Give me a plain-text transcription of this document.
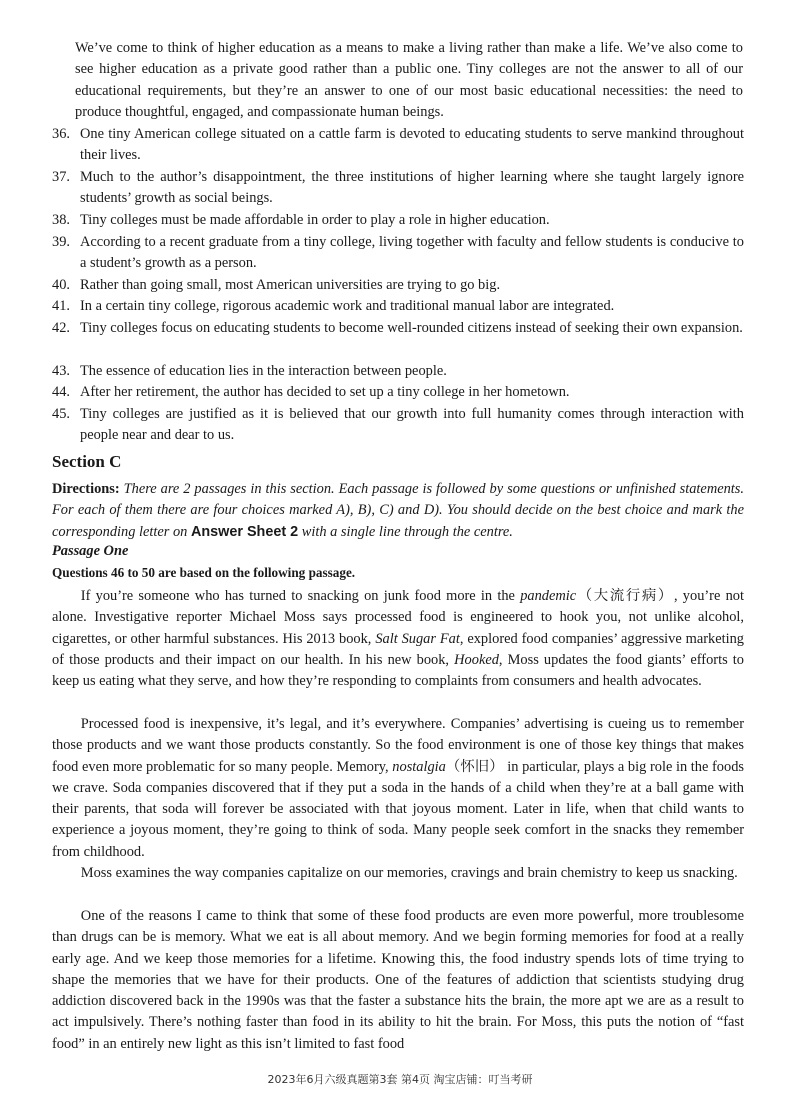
We’ve come to think of higher education as a means to make a living rather than make a life. We’ve also come to see higher education as a private good rather than a public one. Tiny colleges are not the answer to all of our educational requirements, but they’re an answer to one of our most basic educational necessities: the need to produce thoughtful, engaged, and compassionate human beings.

36. One tiny American college situated on a cattle farm is devoted to educating students to serve mankind throughout their lives.
37. Much to the author’s disappointment, the three institutions of higher learning where she taught largely ignore students’ growth as social beings.
38. Tiny colleges must be made affordable in order to play a role in higher education.
39. According to a recent graduate from a tiny college, living together with faculty and fellow students is conducive to a student’s growth as a person.
40. Rather than going small, most American universities are trying to go big.
41. In a certain tiny college, rigorous academic work and traditional manual labor are integrated.
42. Tiny colleges focus on educating students to become well-rounded citizens instead of seeking their own expansion.
43. The essence of education lies in the interaction between people.
44. After her retirement, the author has decided to set up a tiny college in her hometown.
45. Tiny colleges are justified as it is believed that our growth into full humanity comes through interaction with people near and dear to us.

Section C

Directions: There are 2 passages in this section. Each passage is followed by some questions or unfinished statements. For each of them there are four choices marked A), B), C) and D). You should decide on the best choice and mark the corresponding letter on Answer Sheet 2 with a single line through the centre.

Passage One

Questions 46 to 50 are based on the following passage.

If you’re someone who has turned to snacking on junk food more in the pandemic（大流行病）, you’re not alone. Investigative reporter Michael Moss says processed food is engineered to hook you, not unlike alcohol, cigarettes, or other harmful substances. His 2013 book, Salt Sugar Fat, explored food companies’ aggressive marketing of those products and their impact on our health. In his new book, Hooked, Moss updates the food giants’ efforts to keep us eating what they serve, and how they’re responding to complaints from consumers and health advocates.

Processed food is inexpensive, it’s legal, and it’s everywhere. Companies’ advertising is cueing us to remember those products and we want those products constantly. So the food environment is one of those key things that makes food even more problematic for so many people. Memory, nostalgia（怀旧） in particular, plays a big role in the foods we crave. Soda companies discovered that if they put a soda in the hands of a child when they’re at a ball game with their parents, that soda will forever be associated with that joyous moment. Later in life, when that child wants to experience a joyous moment, they’re going to think of soda. Many people seek comfort in the snacks they remember from childhood.

Moss examines the way companies capitalize on our memories, cravings and brain chemistry to keep us snacking.

One of the reasons I came to think that some of these food products are even more powerful, more troublesome than drugs can be is memory. What we eat is all about memory. And we begin forming memories for food at a really early age. And we keep those memories for a lifetime. Knowing this, the food industry spends lots of time trying to shape the memories that we have for their products. One of the features of addiction that scientists studying drug addiction discovered back in the 1990s was that the faster a substance hits the brain, the more apt we are as a result to act impulsively. There’s nothing faster than food in its ability to hit the brain. For Moss, this puts the notion of “fast food” in an entirely new light as this isn’t limited to fast food

2023年6月六级真题第3套 第4页 淘宝店铺：叮当考研
